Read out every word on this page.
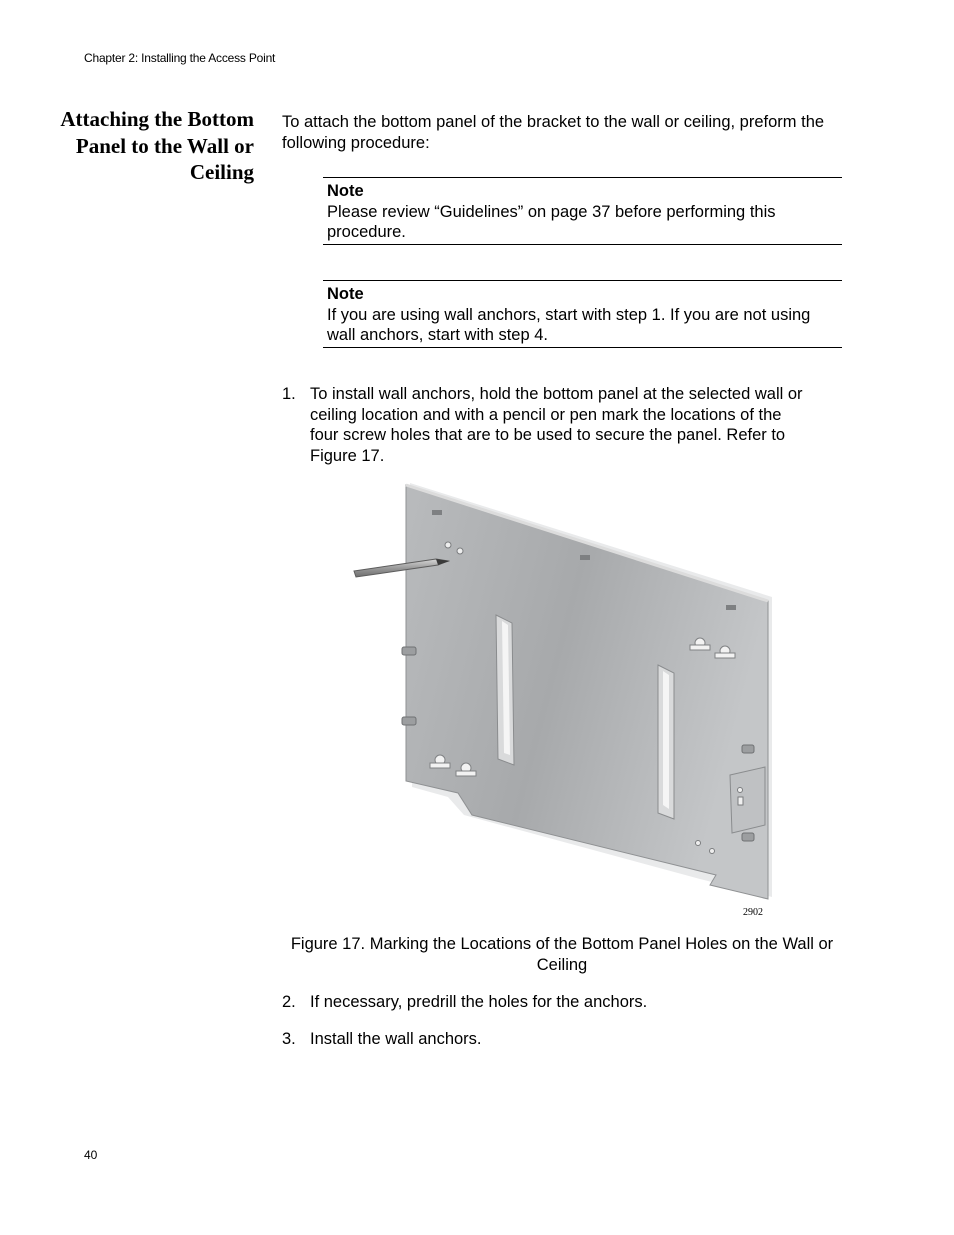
Chapter 2: Installing the Access Point
Attaching the Bottom Panel to the Wall or Ceiling
To attach the bottom panel of the bracket to the wall or ceiling, preform the following procedure:
Note
Please review “Guidelines” on page 37 before performing this procedure.
Note
If you are using wall anchors, start with step 1. If you are not using wall anchors, start with step 4.
1. To install wall anchors, hold the bottom panel at the selected wall or ceiling location and with a pencil or pen mark the locations of the four screw holes that are to be used to secure the panel. Refer to Figure 17.
2902
Figure 17. Marking the Locations of the Bottom Panel Holes on the Wall or Ceiling
2. If necessary, predrill the holes for the anchors.
3. Install the wall anchors.
40
